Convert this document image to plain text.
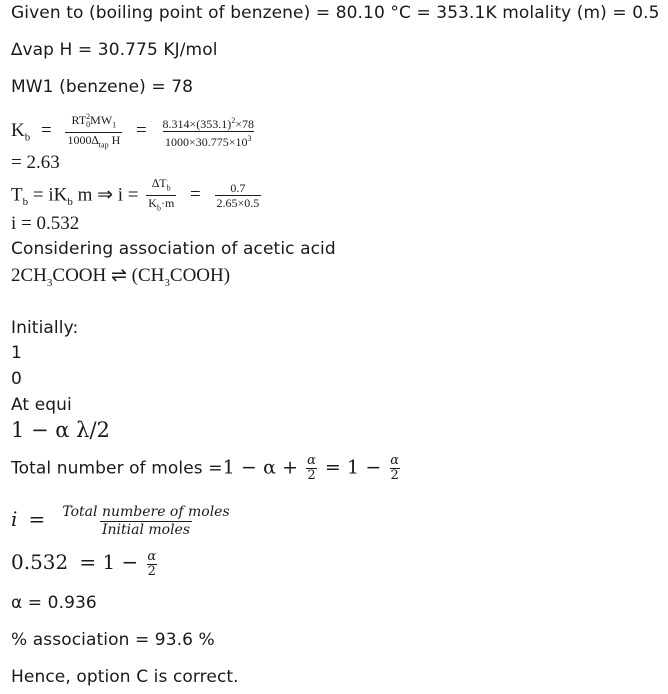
Given to (boiling point of benzene) = 80.10 °C = 353.1K molality (m) = 0.5
∆vap H = 30.775 KJ/mol
MW1 (benzene) = 78
$K_b = \frac{RT^2_0MW_1}{1000\Delta_{tap} H} = \frac{8.314\times(353.1)^2\times 78}{1000\times 30.775\times 10^3}$
= 2.63
$T_b = iK_b$ m ⇒ $i = \frac{\Delta T_b}{K_b\cdot m} = \frac{0.7}{2.65\times 0.5}$
i = 0.532
Considering association of acetic acid
$2CH_3COOH$ ⇌ $(CH_3COOH)$
Initially:
1
0
At equi
1 − α λ/2
Total number of moles $=1 - \alpha + \frac{\alpha}{2} = 1 - \frac{\alpha}{2}$
$i = \frac{\text{Total numbere of moles}}{\text{Initial moles}}$
$0.532 = 1 - \frac{\alpha}{2}$
α = 0.936
% association = 93.6 %
Hence, option C is correct.
